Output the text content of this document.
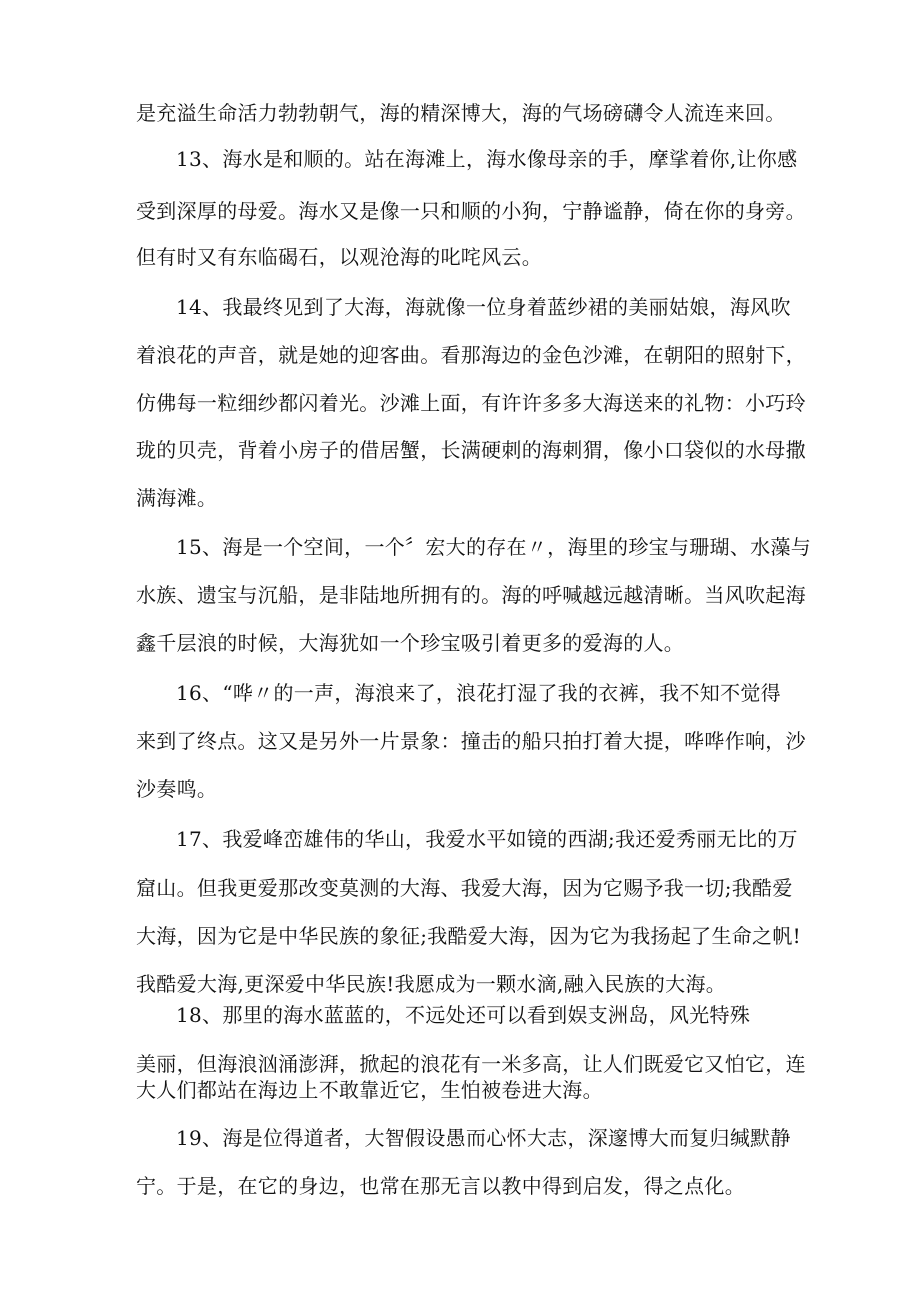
是充溢生命活力勃勃朝气，海的精深博大，海的气场磅礴令人流连来回。
13、海水是和顺的。站在海滩上，海水像母亲的手，摩挲着你,让你感
受到深厚的母爱。海水又是像一只和顺的小狗，宁静谧静，倚在你的身旁。
但有时又有东临碣石，以观沧海的叱咤风云。
14、我最终见到了大海，海就像一位身着蓝纱裙的美丽姑娘，海风吹
着浪花的声音，就是她的迎客曲。看那海边的金色沙滩，在朝阳的照射下，
仿佛每一粒细纱都闪着光。沙滩上面，有许许多多大海送来的礼物：小巧玲
珑的贝壳，背着小房子的借居蟹，长满硬刺的海刺猬，像小口袋似的水母撒
满海滩。
15、海是一个空间，一个〞宏大的存在〃，海里的珍宝与珊瑚、水藻与
水族、遗宝与沉船，是非陆地所拥有的。海的呼喊越远越清晰。当风吹起海
鑫千层浪的时候，大海犹如一个珍宝吸引着更多的爱海的人。
16、“哗〃的一声，海浪来了，浪花打湿了我的衣裤，我不知不觉得
来到了终点。这又是另外一片景象：撞击的船只拍打着大提，哗哗作响，沙
沙奏鸣。
17、我爱峰峦雄伟的华山，我爱水平如镜的西湖;我还爱秀丽无比的万
窟山。但我更爱那改变莫测的大海、我爱大海，因为它赐予我一切;我酷爱
大海，因为它是中华民族的象征;我酷爱大海，因为它为我扬起了生命之帆!
我酷爱大海,更深爱中华民族!我愿成为一颗水滴,融入民族的大海。
18、那里的海水蓝蓝的，不远处还可以看到娱支洲岛，风光特殊
美丽，但海浪汹涌澎湃，掀起的浪花有一米多高，让人们既爱它又怕它，连
大人们都站在海边上不敢靠近它，生怕被卷进大海。
19、海是位得道者，大智假设愚而心怀大志，深邃博大而复归缄默静
宁。于是，在它的身边，也常在那无言以教中得到启发，得之点化。
